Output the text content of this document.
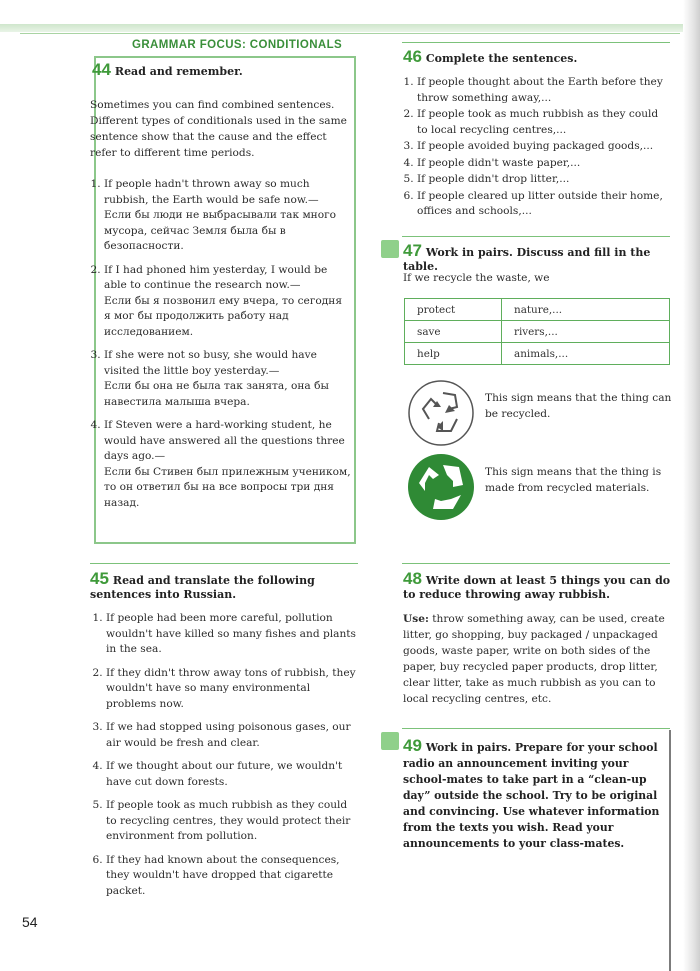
GRAMMAR FOCUS: CONDITIONALS
44 Read and remember.
Sometimes you can find combined sentences. Different types of conditionals used in the same sentence show that the cause and the effect refer to different time periods.
1. If people hadn't thrown away so much rubbish, the Earth would be safe now.—
Если бы люди не выбрасывали так много мусора, сейчас Земля была бы в безопасности.
2. If I had phoned him yesterday, I would be able to continue the research now.—
Если бы я позвонил ему вчера, то сегодня я мог бы продолжить работу над исследованием.
3. If she were not so busy, she would have visited the little boy yesterday.—
Если бы она не была так занята, она бы навестила малыша вчера.
4. If Steven were a hard-working student, he would have answered all the questions three days ago.—
Если бы Стивен был прилежным учеником, то он ответил бы на все вопросы три дня назад.
45 Read and translate the following sentences into Russian.
1. If people had been more careful, pollution wouldn't have killed so many fishes and plants in the sea.
2. If they didn't throw away tons of rubbish, they wouldn't have so many environmental problems now.
3. If we had stopped using poisonous gases, our air would be fresh and clear.
4. If we thought about our future, we wouldn't have cut down forests.
5. If people took as much rubbish as they could to recycling centres, they would protect their environment from pollution.
6. If they had known about the consequences, they wouldn't have dropped that cigarette packet.
46 Complete the sentences.
1. If people thought about the Earth before they throw something away,...
2. If people took as much rubbish as they could to local recycling centres,...
3. If people avoided buying packaged goods,...
4. If people didn't waste paper,...
5. If people didn't drop litter,...
6. If people cleared up litter outside their home, offices and schools,...
47 Work in pairs. Discuss and fill in the table.
If we recycle the waste, we
protect	nature,...
save	rivers,...
help	animals,...
This sign means that the thing can be recycled.
This sign means that the thing is made from recycled materials.
48 Write down at least 5 things you can do to reduce throwing away rubbish.
Use: throw something away, can be used, create litter, go shopping, buy packaged / unpackaged goods, waste paper, write on both sides of the paper, buy recycled paper products, drop litter, clear litter, take as much rubbish as you can to local recycling centres, etc.
49 Work in pairs. Prepare for your school radio an announcement inviting your school-mates to take part in a “clean-up day” outside the school. Try to be original and convincing. Use whatever information from the texts you wish. Read your announcements to your class-mates.
54
